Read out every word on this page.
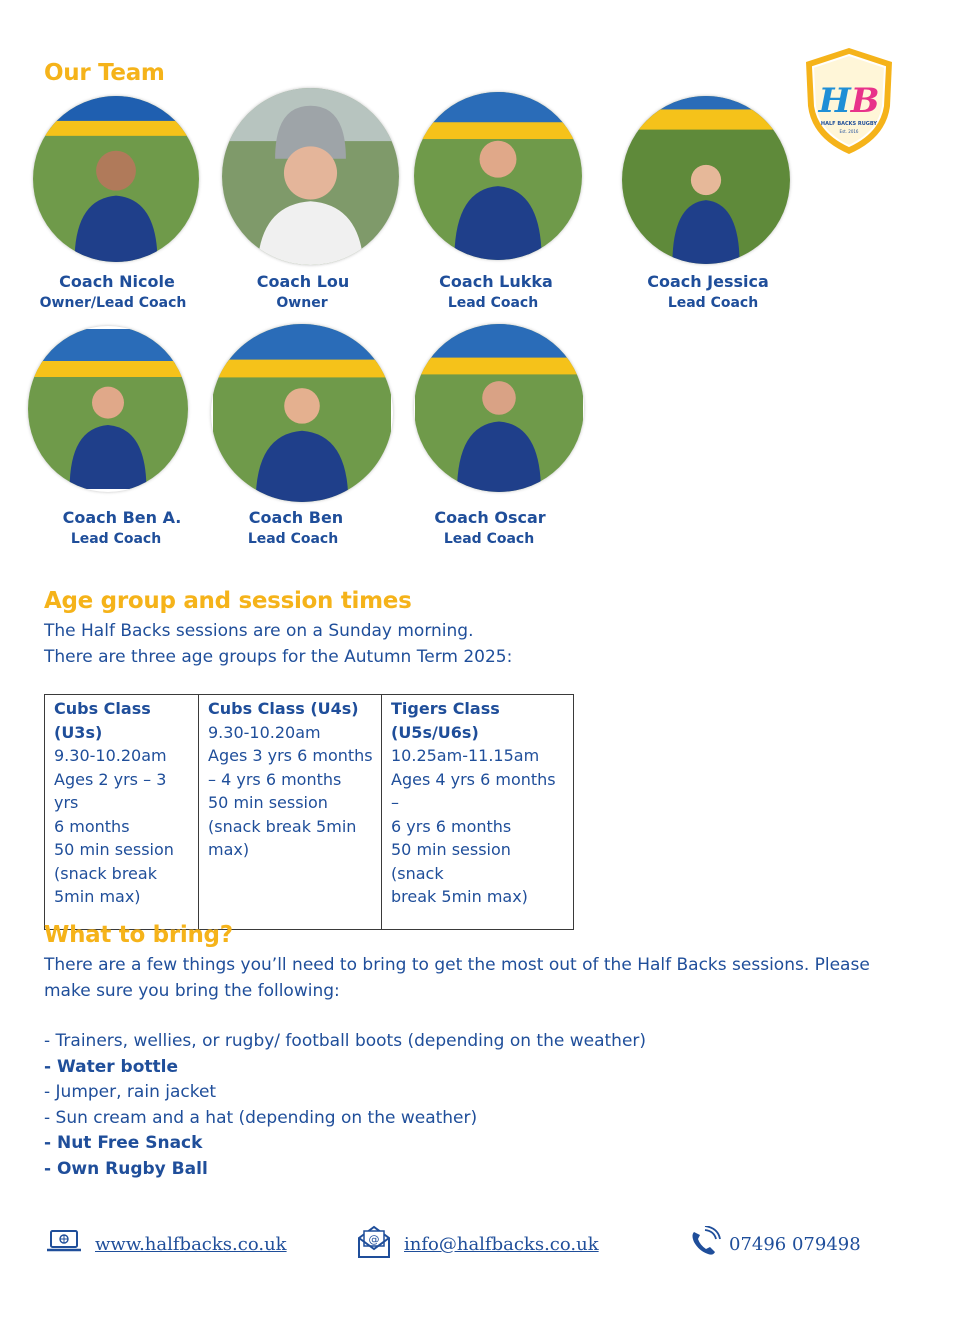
Our Team
HB
HALF BACKS RUGBY
Est. 2016
Coach Nicole
Owner/Lead Coach
Coach Lou
Owner
Coach Lukka
Lead Coach
Coach Jessica
Lead Coach
Coach Ben A.
Lead Coach
Coach Ben
Lead Coach
Coach Oscar
Lead Coach
Age group and session times
The Half Backs sessions are on a Sunday morning.
There are three age groups for the Autumn Term 2025:
Cubs Class (U3s)
9.30-10.20am
Ages 2 yrs – 3 yrs
6 months
50 min session
(snack break
5min max)

Cubs Class (U4s)
9.30-10.20am
Ages 3 yrs 6 months
– 4 yrs 6 months
50 min session
(snack break 5min
max)

Tigers Class (U5s/U6s)
10.25am-11.15am
Ages 4 yrs 6 months –
6 yrs 6 months
50 min session (snack
break 5min max)
What to bring?
There are a few things you’ll need to bring to get the most out of the Half Backs sessions. Please
make sure you bring the following:
- Trainers, wellies, or rugby/ football boots (depending on the weather)
- Water bottle
- Jumper, rain jacket
- Sun cream and a hat (depending on the weather)
- Nut Free Snack
- Own Rugby Ball
www.halfbacks.co.uk	@ info@halfbacks.co.uk	07496 079498
